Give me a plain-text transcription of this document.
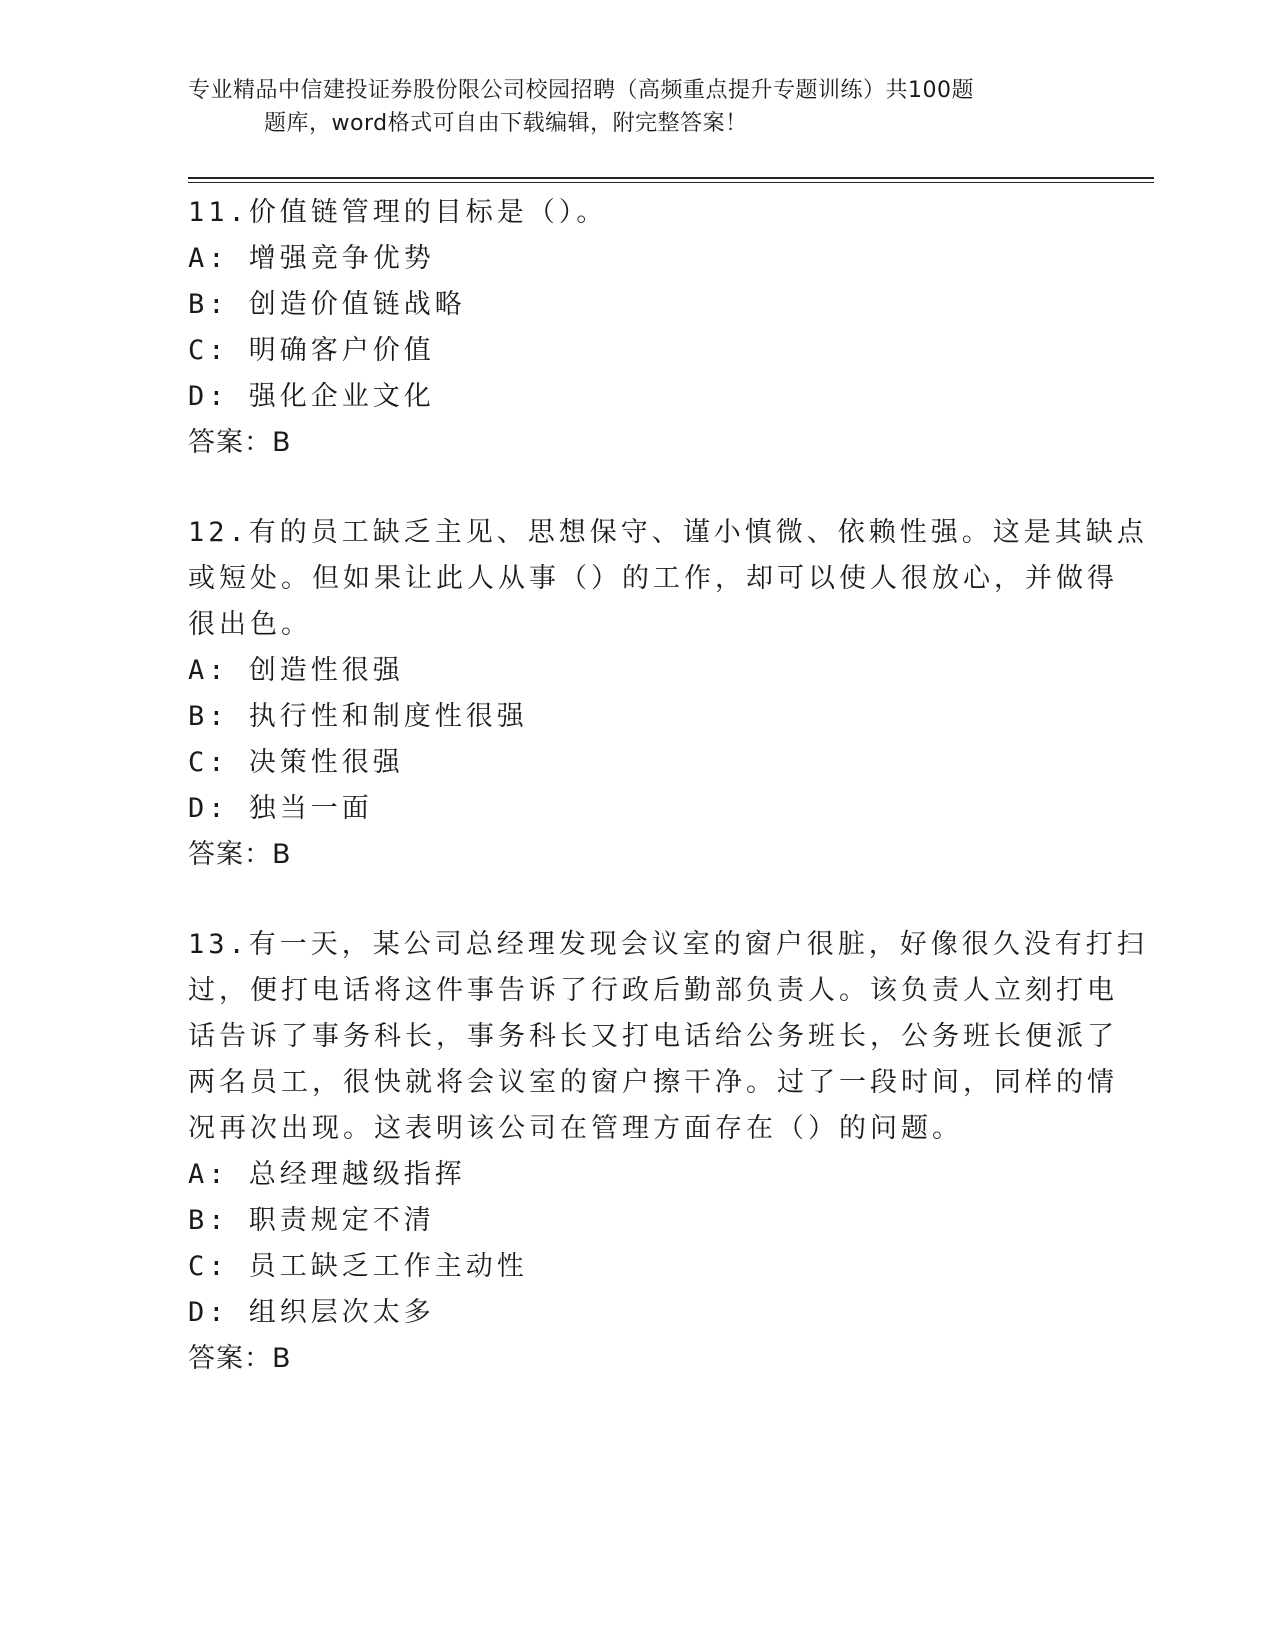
专业精品中信建投证券股份限公司校园招聘（高频重点提升专题训练）共100题
题库，word格式可自由下载编辑，附完整答案！
11.价值链管理的目标是（）。
A: 增强竞争优势
B: 创造价值链战略
C: 明确客户价值
D: 强化企业文化
答案：B
12.有的员工缺乏主见、思想保守、谨小慎微、依赖性强。这是其缺点
或短处。但如果让此人从事（）的工作，却可以使人很放心，并做得
很出色。
A: 创造性很强
B: 执行性和制度性很强
C: 决策性很强
D: 独当一面
答案：B
13.有一天，某公司总经理发现会议室的窗户很脏，好像很久没有打扫
过，便打电话将这件事告诉了行政后勤部负责人。该负责人立刻打电
话告诉了事务科长，事务科长又打电话给公务班长，公务班长便派了
两名员工，很快就将会议室的窗户擦干净。过了一段时间，同样的情
况再次出现。这表明该公司在管理方面存在（）的问题。
A: 总经理越级指挥
B: 职责规定不清
C: 员工缺乏工作主动性
D: 组织层次太多
答案：B
